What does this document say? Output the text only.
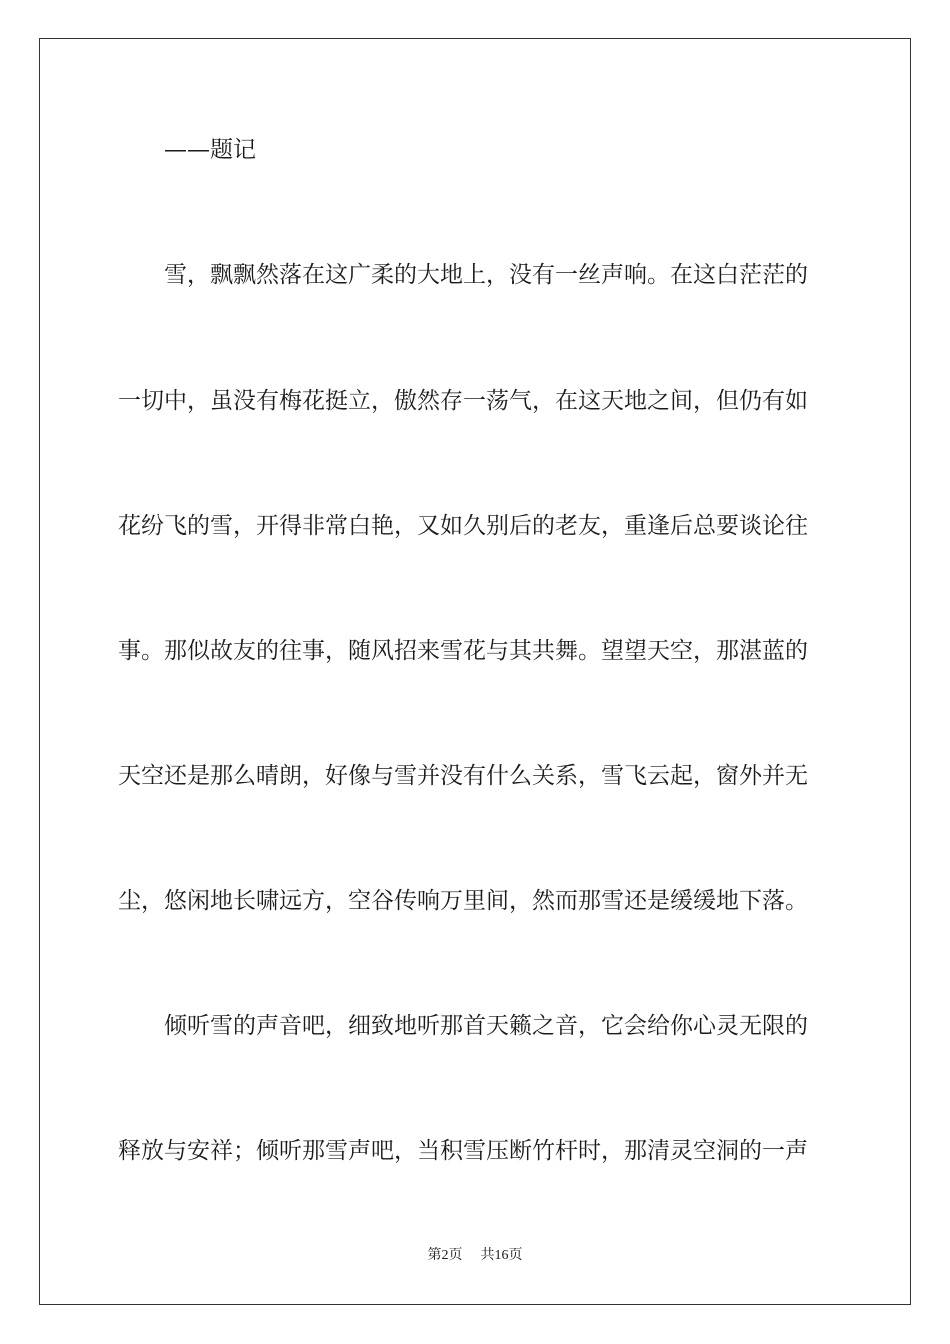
——题记
雪，飘飘然落在这广柔的大地上，没有一丝声响。在这白茫茫的
一切中，虽没有梅花挺立，傲然存一荡气，在这天地之间，但仍有如
花纷飞的雪，开得非常白艳，又如久别后的老友，重逢后总要谈论往
事。那似故友的往事，随风招来雪花与其共舞。望望天空，那湛蓝的
天空还是那么晴朗，好像与雪并没有什么关系，雪飞云起，窗外并无
尘，悠闲地长啸远方，空谷传响万里间，然而那雪还是缓缓地下落。
倾听雪的声音吧，细致地听那首天籁之音，它会给你心灵无限的
释放与安祥；倾听那雪声吧，当积雪压断竹杆时，那清灵空洞的一声
第2页 共16页
